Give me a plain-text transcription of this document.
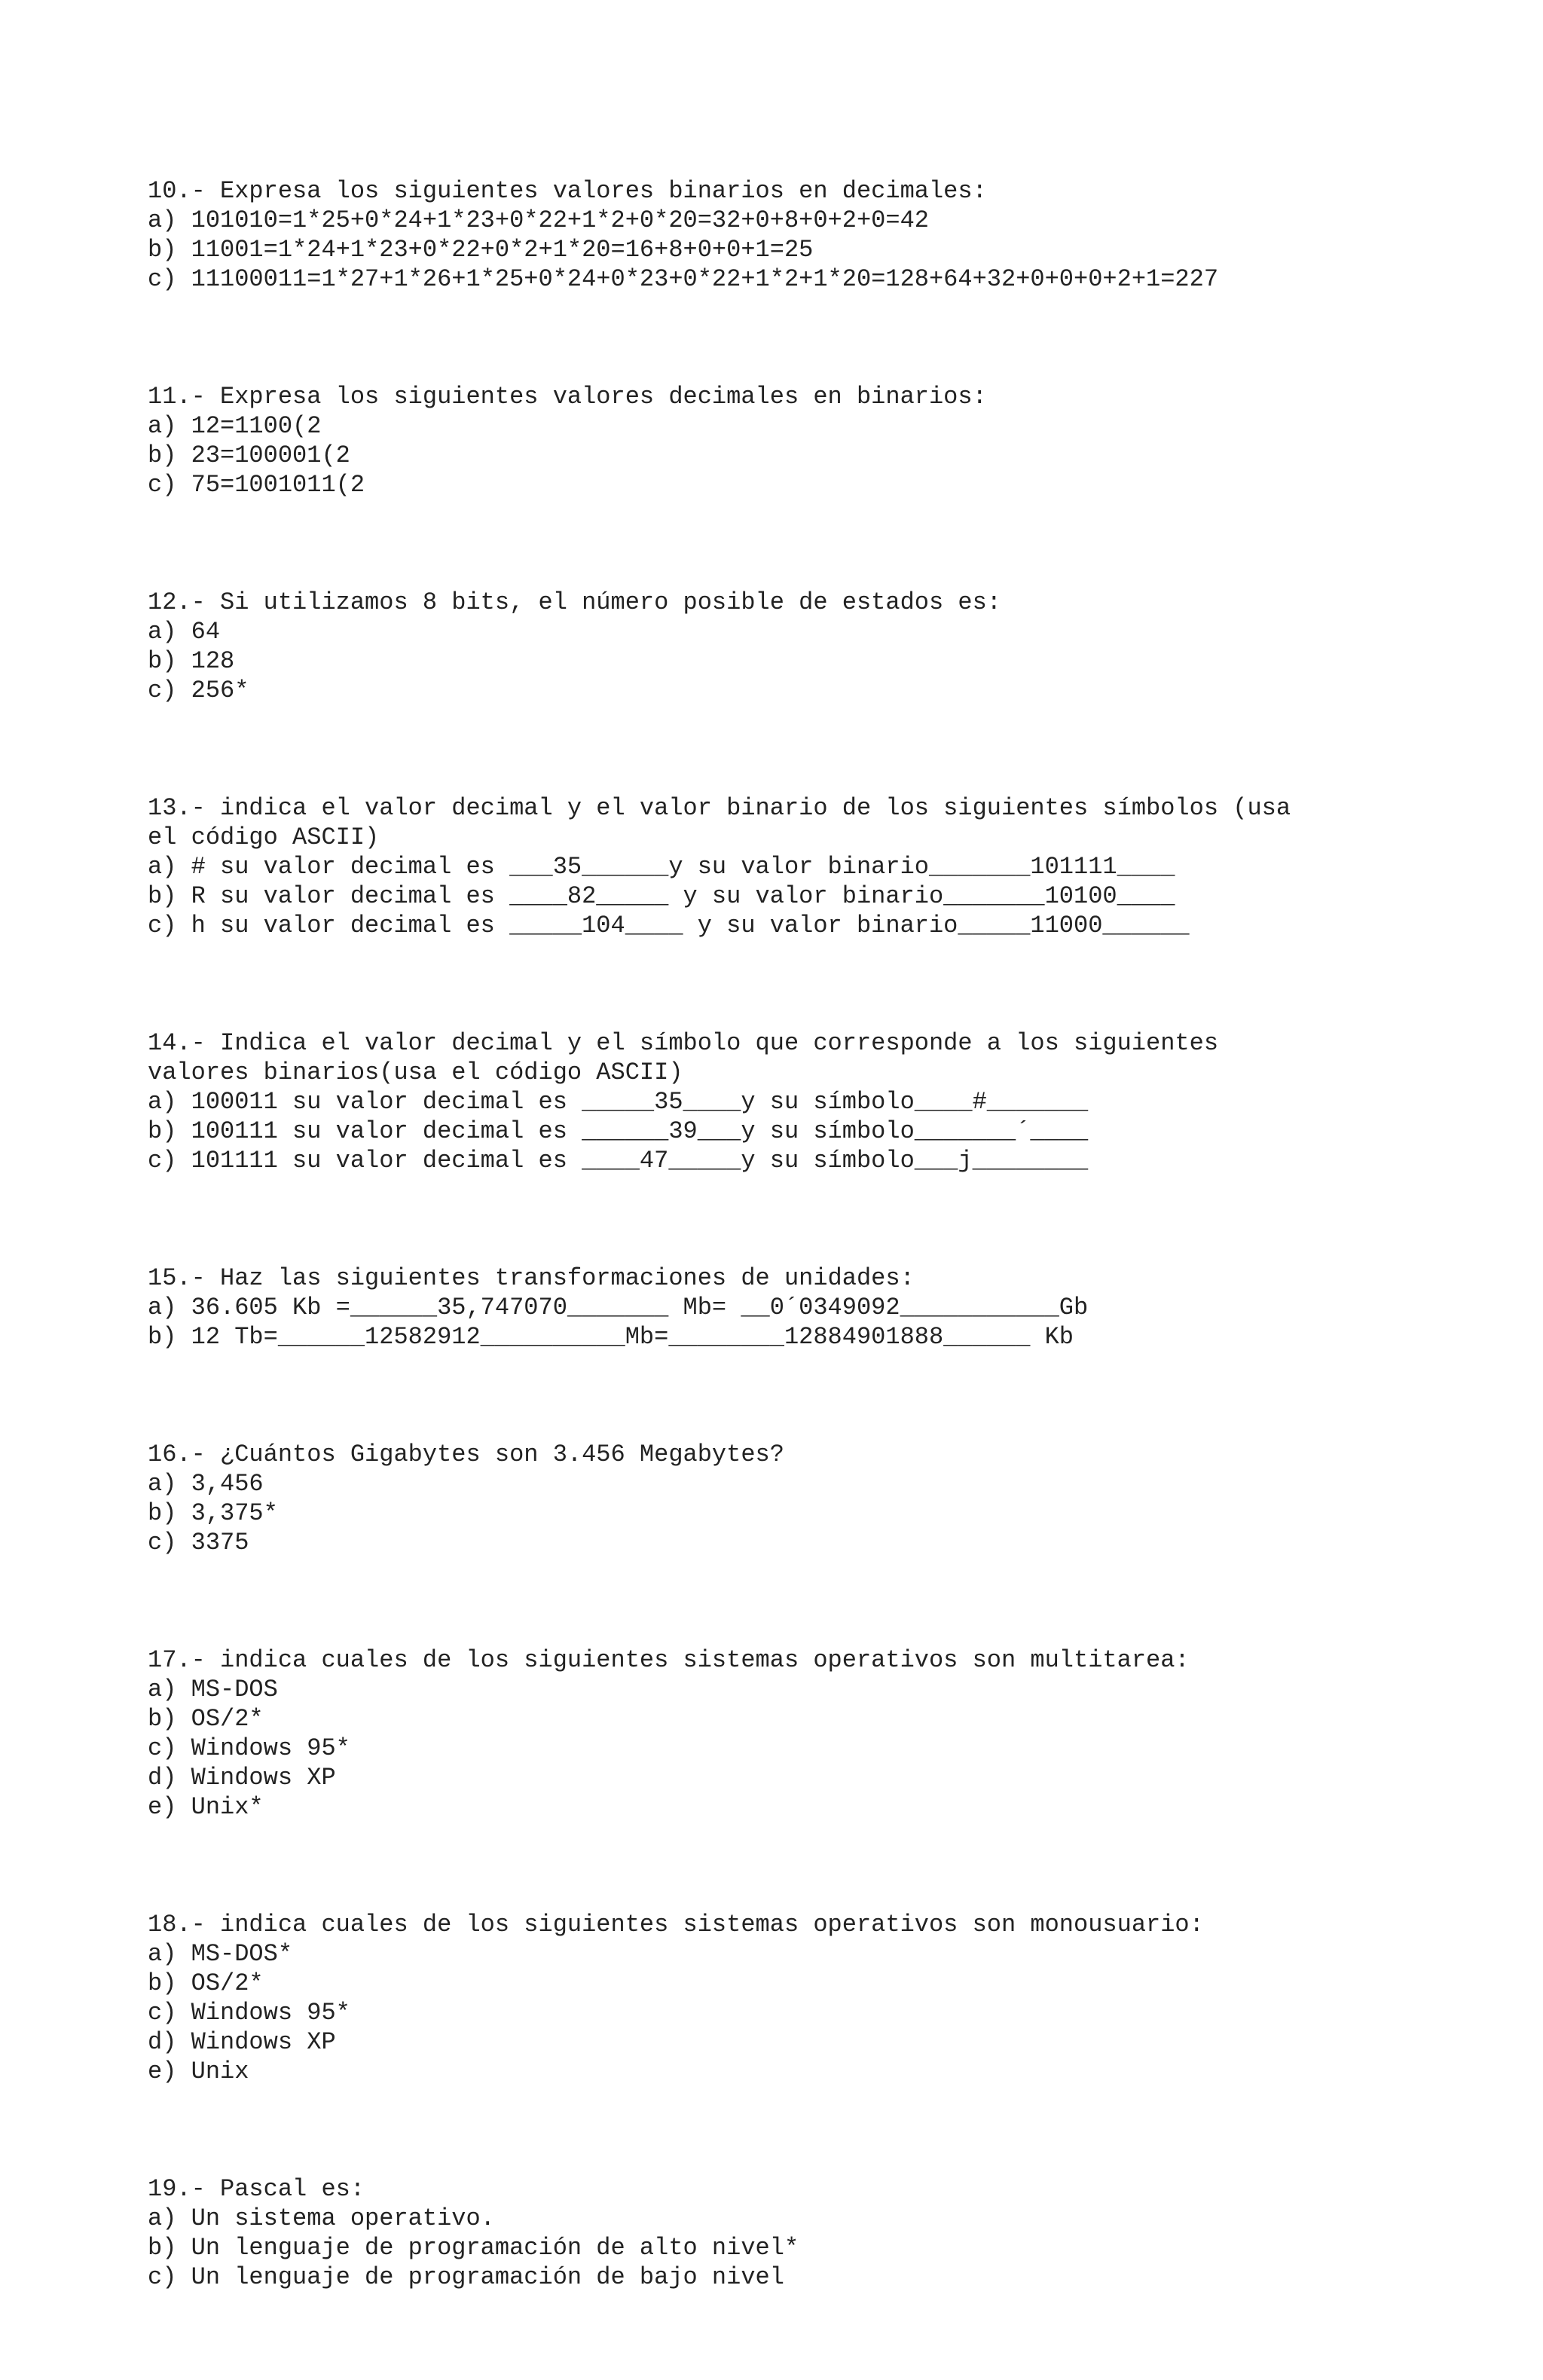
10.- Expresa los siguientes valores binarios en decimales:
a) 101010=1*25+0*24+1*23+0*22+1*2+0*20=32+0+8+0+2+0=42
b) 11001=1*24+1*23+0*22+0*2+1*20=16+8+0+0+1=25
c) 11100011=1*27+1*26+1*25+0*24+0*23+0*22+1*2+1*20=128+64+32+0+0+0+2+1=227
11.- Expresa los siguientes valores decimales en binarios:
a) 12=1100(2
b) 23=100001(2
c) 75=1001011(2
12.- Si utilizamos 8 bits, el número posible de estados es:
a) 64
b) 128
c) 256*
13.- indica el valor decimal y el valor binario de los siguientes símbolos (usa
el código ASCII)
a) # su valor decimal es ___35______y su valor binario_______101111____
b) R su valor decimal es ____82_____ y su valor binario_______10100____
c) h su valor decimal es _____104____ y su valor binario_____11000______
14.- Indica el valor decimal y el símbolo que corresponde a los siguientes
valores binarios(usa el código ASCII)
a) 100011 su valor decimal es _____35____y su símbolo____#_______
b) 100111 su valor decimal es ______39___y su símbolo_______´____
c) 101111 su valor decimal es ____47_____y su símbolo___j________
15.- Haz las siguientes transformaciones de unidades:
a) 36.605 Kb =______35,747070_______ Mb= __0´0349092___________Gb
b) 12 Tb=______12582912__________Mb=________12884901888______ Kb
16.- ¿Cuántos Gigabytes son 3.456 Megabytes?
a) 3,456
b) 3,375*
c) 3375
17.- indica cuales de los siguientes sistemas operativos son multitarea:
a) MS-DOS
b) OS/2*
c) Windows 95*
d) Windows XP
e) Unix*
18.- indica cuales de los siguientes sistemas operativos son monousuario:
a) MS-DOS*
b) OS/2*
c) Windows 95*
d) Windows XP
e) Unix
19.- Pascal es:
a) Un sistema operativo.
b) Un lenguaje de programación de alto nivel*
c) Un lenguaje de programación de bajo nivel
